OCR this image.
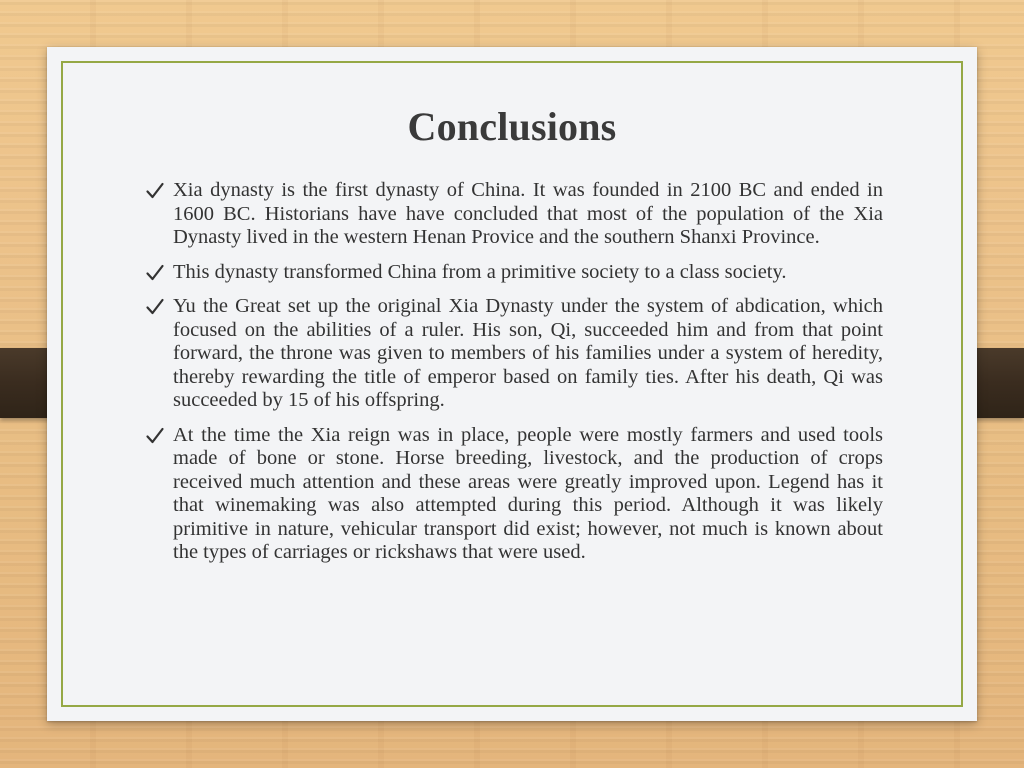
Conclusions
Xia dynasty is the first dynasty of China. It was founded in 2100 BC and ended in 1600 BC. Historians have have concluded that most of the population of the Xia Dynasty lived in the western Henan Provice and the southern Shanxi Province.
This dynasty transformed China from a primitive society to a class society.
Yu the Great set up the original Xia Dynasty under the system of abdication, which focused on the abilities of a ruler. His son, Qi, succeeded him and from that point forward, the throne was given to members of his families under a system of heredity, thereby rewarding the title of emperor based on family ties. After his death, Qi was succeeded by 15 of his offspring.
At the time the Xia reign was in place, people were mostly farmers and used tools made of bone or stone. Horse breeding, livestock, and the production of crops received much attention and these areas were greatly improved upon. Legend has it that winemaking was also attempted during this period. Although it was likely primitive in nature, vehicular transport did exist; however, not much is known about the types of carriages or rickshaws that were used.
